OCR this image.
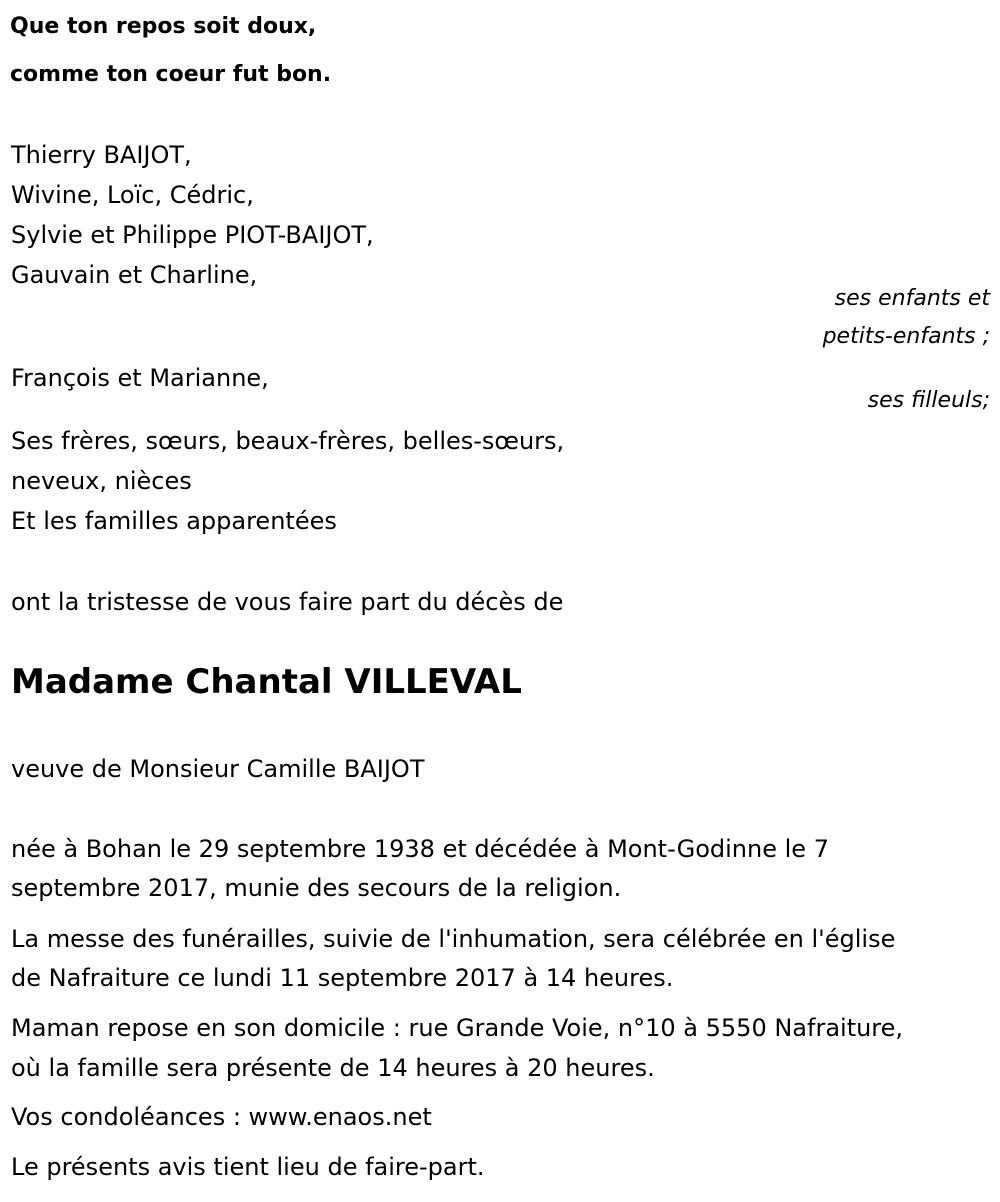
Que ton repos soit doux,

comme ton coeur fut bon.

Thierry BAIJOT,

Wivine, Loïc, Cédric,

Sylvie et Philippe PIOT-BAIJOT,

Gauvain et Charline,

ses enfants et

petits-enfants ;

François et Marianne,

ses filleuls;

Ses frères, sœurs, beaux-frères, belles-sœurs,

neveux, nièces

Et les familles apparentées

ont la tristesse de vous faire part du décès de

Madame Chantal VILLEVAL

veuve de Monsieur Camille BAIJOT

née à Bohan le 29 septembre 1938 et décédée à Mont-Godinne le 7

septembre 2017, munie des secours de la religion.

La messe des funérailles, suivie de l'inhumation, sera célébrée en l'église

de Nafraiture ce lundi 11 septembre 2017 à 14 heures.

Maman repose en son domicile : rue Grande Voie, n°10 à 5550 Nafraiture,

où la famille sera présente de 14 heures à 20 heures.

Vos condoléances : www.enaos.net

Le présents avis tient lieu de faire-part.
